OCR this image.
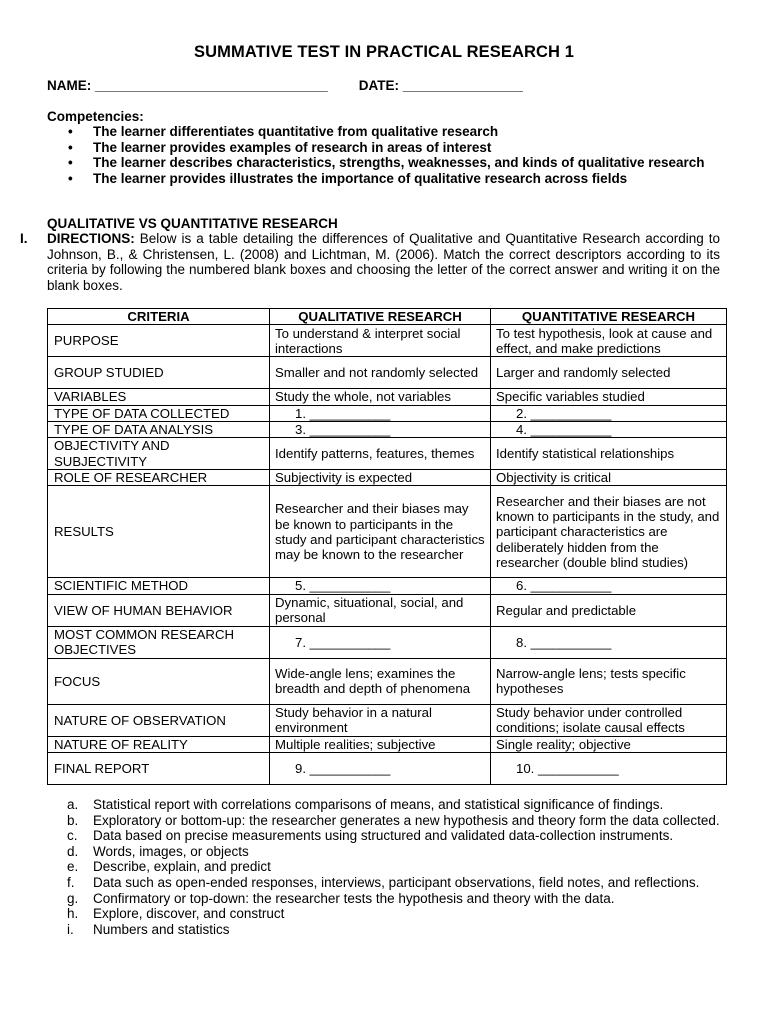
SUMMATIVE TEST IN PRACTICAL RESEARCH 1
NAME: _______________________________ DATE: ________________
Competencies:
• The learner differentiates quantitative from qualitative research
• The learner provides examples of research in areas of interest
• The learner describes characteristics, strengths, weaknesses, and kinds of qualitative research
• The learner provides illustrates the importance of qualitative research across fields
QUALITATIVE VS QUANTITATIVE RESEARCH
I. DIRECTIONS: Below is a table detailing the differences of Qualitative and Quantitative Research according to Johnson, B., & Christensen, L. (2008) and Lichtman, M. (2006). Match the correct descriptors according to its criteria by following the numbered blank boxes and choosing the letter of the correct answer and writing it on the blank boxes.
CRITERIA	QUALITATIVE RESEARCH	QUANTITATIVE RESEARCH
PURPOSE	To understand & interpret social interactions	To test hypothesis, look at cause and effect, and make predictions
GROUP STUDIED	Smaller and not randomly selected	Larger and randomly selected
VARIABLES	Study the whole, not variables	Specific variables studied
TYPE OF DATA COLLECTED	1. ___________	2. ___________
TYPE OF DATA ANALYSIS	3. ___________	4. ___________
OBJECTIVITY AND SUBJECTIVITY	Identify patterns, features, themes	Identify statistical relationships
ROLE OF RESEARCHER	Subjectivity is expected	Objectivity is critical
RESULTS	Researcher and their biases may be known to participants in the study and participant characteristics may be known to the researcher	Researcher and their biases are not known to participants in the study, and participant characteristics are deliberately hidden from the researcher (double blind studies)
SCIENTIFIC METHOD	5. ___________	6. ___________
VIEW OF HUMAN BEHAVIOR	Dynamic, situational, social, and personal	Regular and predictable
MOST COMMON RESEARCH OBJECTIVES	7. ___________	8. ___________
FOCUS	Wide-angle lens; examines the breadth and depth of phenomena	Narrow-angle lens; tests specific hypotheses
NATURE OF OBSERVATION	Study behavior in a natural environment	Study behavior under controlled conditions; isolate causal effects
NATURE OF REALITY	Multiple realities; subjective	Single reality; objective
FINAL REPORT	9. ___________	10. ___________
a. Statistical report with correlations comparisons of means, and statistical significance of findings.
b. Exploratory or bottom-up: the researcher generates a new hypothesis and theory form the data collected.
c. Data based on precise measurements using structured and validated data-collection instruments.
d. Words, images, or objects
e. Describe, explain, and predict
f. Data such as open-ended responses, interviews, participant observations, field notes, and reflections.
g. Confirmatory or top-down: the researcher tests the hypothesis and theory with the data.
h. Explore, discover, and construct
i. Numbers and statistics
